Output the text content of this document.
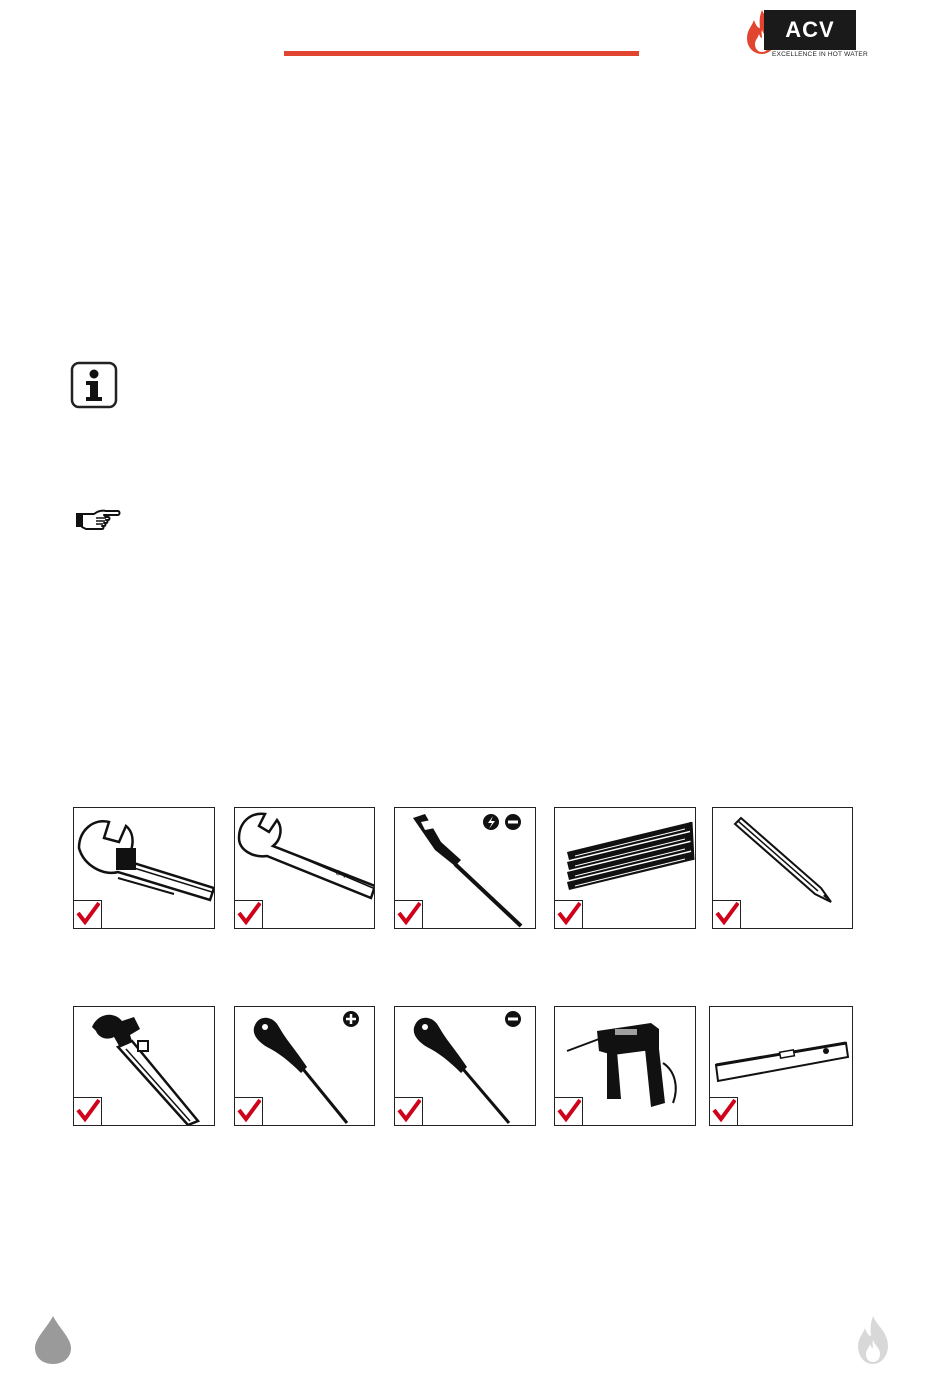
ACV
EXCELLENCE IN HOT WATER
C-V
